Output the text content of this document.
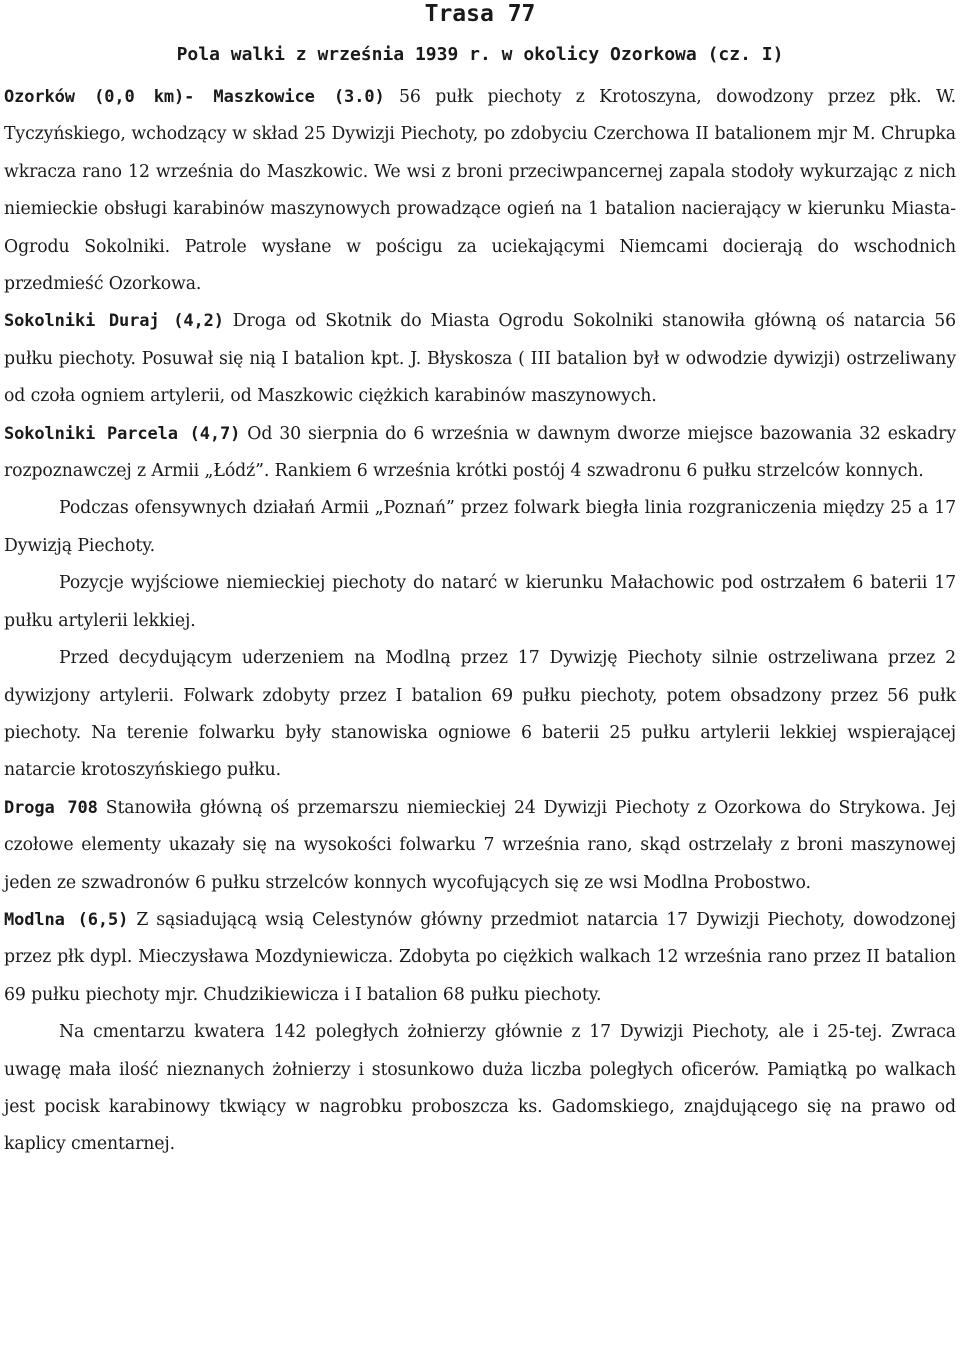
Trasa 77
Pola walki z września 1939 r. w okolicy Ozorkowa (cz. I)

Ozorków (0,0 km)- Maszkowice (3.0) 56 pułk piechoty z Krotoszyna, dowodzony przez płk. W. Tyczyńskiego, wchodzący w skład 25 Dywizji Piechoty, po zdobyciu Czerchowa II batalionem mjr M. Chrupka wkracza rano 12 września do Maszkowic. We wsi z broni przeciwpancernej zapala stodoły wykurzając z nich niemieckie obsługi karabinów maszynowych prowadzące ogień na 1 batalion nacierający w kierunku Miasta- Ogrodu Sokolniki. Patrole wysłane w pościgu za uciekającymi Niemcami docierają do wschodnich przedmieść Ozorkowa.

Sokolniki Duraj (4,2) Droga od Skotnik do Miasta Ogrodu Sokolniki stanowiła główną oś natarcia 56 pułku piechoty. Posuwał się nią I batalion kpt. J. Błyskosza ( III batalion był w odwodzie dywizji) ostrzeliwany od czoła ogniem artylerii, od Maszkowic ciężkich karabinów maszynowych.

Sokolniki Parcela (4,7) Od 30 sierpnia do 6 września w dawnym dworze miejsce bazowania 32 eskadry rozpoznawczej z Armii „Łódź”. Rankiem 6 września krótki postój 4 szwadronu 6 pułku strzelców konnych.

Podczas ofensywnych działań Armii „Poznań” przez folwark biegła linia rozgraniczenia między 25 a 17 Dywizją Piechoty.

Pozycje wyjściowe niemieckiej piechoty do natarć w kierunku Małachowic pod ostrzałem 6 baterii 17 pułku artylerii lekkiej.

Przed decydującym uderzeniem na Modlną przez 17 Dywizję Piechoty silnie ostrzeliwana przez 2 dywizjony artylerii. Folwark zdobyty przez I batalion 69 pułku piechoty, potem obsadzony przez 56 pułk piechoty. Na terenie folwarku były stanowiska ogniowe 6 baterii 25 pułku artylerii lekkiej wspierającej natarcie krotoszyńskiego pułku.

Droga 708 Stanowiła główną oś przemarszu niemieckiej 24 Dywizji Piechoty z Ozorkowa do Strykowa. Jej czołowe elementy ukazały się na wysokości folwarku 7 września rano, skąd ostrzelały z broni maszynowej jeden ze szwadronów 6 pułku strzelców konnych wycofujących się ze wsi Modlna Probostwo.

Modlna (6,5) Z sąsiadującą wsią Celestynów główny przedmiot natarcia 17 Dywizji Piechoty, dowodzonej przez płk dypl. Mieczysława Mozdyniewicza. Zdobyta po ciężkich walkach 12 września rano przez II batalion 69 pułku piechoty mjr. Chudzikiewicza i I batalion 68 pułku piechoty.

Na cmentarzu kwatera 142 poległych żołnierzy głównie z 17 Dywizji Piechoty, ale i 25-tej. Zwraca uwagę mała ilość nieznanych żołnierzy i stosunkowo duża liczba poległych oficerów. Pamiątką po walkach jest pocisk karabinowy tkwiący w nagrobku proboszcza ks. Gadomskiego, znajdującego się na prawo od kaplicy cmentarnej.
